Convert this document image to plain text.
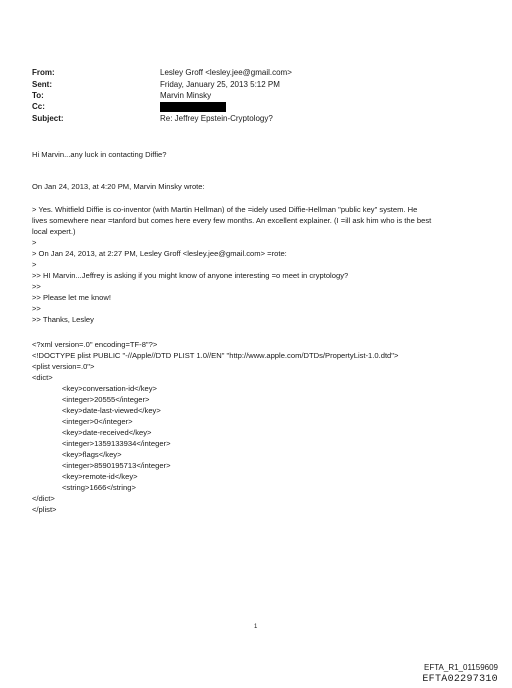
From:	Lesley Groff <lesley.jee@gmail.com>
Sent:	Friday, January 25, 2013 5:12 PM
To:	Marvin Minsky
Cc:
Subject:	Re: Jeffrey Epstein-Cryptology?
Hi Marvin...any luck in contacting Diffie?
On Jan 24, 2013, at 4:20 PM, Marvin Minsky wrote:
> Yes. Whitfield Diffie is co-inventor (with Martin Hellman) of the =idely used Diffie-Hellman "public key" system. He
lives somewhere near =tanford but comes here every few months. An excellent explainer. (I =ill ask him who is the best
local expert.)
>
> On Jan 24, 2013, at 2:27 PM, Lesley Groff <lesley.jee@gmail.com> =rote:
>
>> HI Marvin...Jeffrey is asking if you might know of anyone interesting =o meet in cryptology?
>>
>> Please let me know!
>>
>> Thanks, Lesley
<?xml version=.0" encoding=TF-8"?>
<!DOCTYPE plist PUBLIC "-//Apple//DTD PLIST 1.0//EN" "http://www.apple.com/DTDs/PropertyList-1.0.dtd">
<plist version=.0">
<dict>
<key>conversation-id</key>
<integer>20555</integer>
<key>date-last-viewed</key>
<integer>0</integer>
<key>date-received</key>
<integer>1359133934</integer>
<key>flags</key>
<integer>8590195713</integer>
<key>remote-id</key>
<string>1666</string>
</dict>
</plist>
1
EFTA_R1_01159609
EFTA02297310
